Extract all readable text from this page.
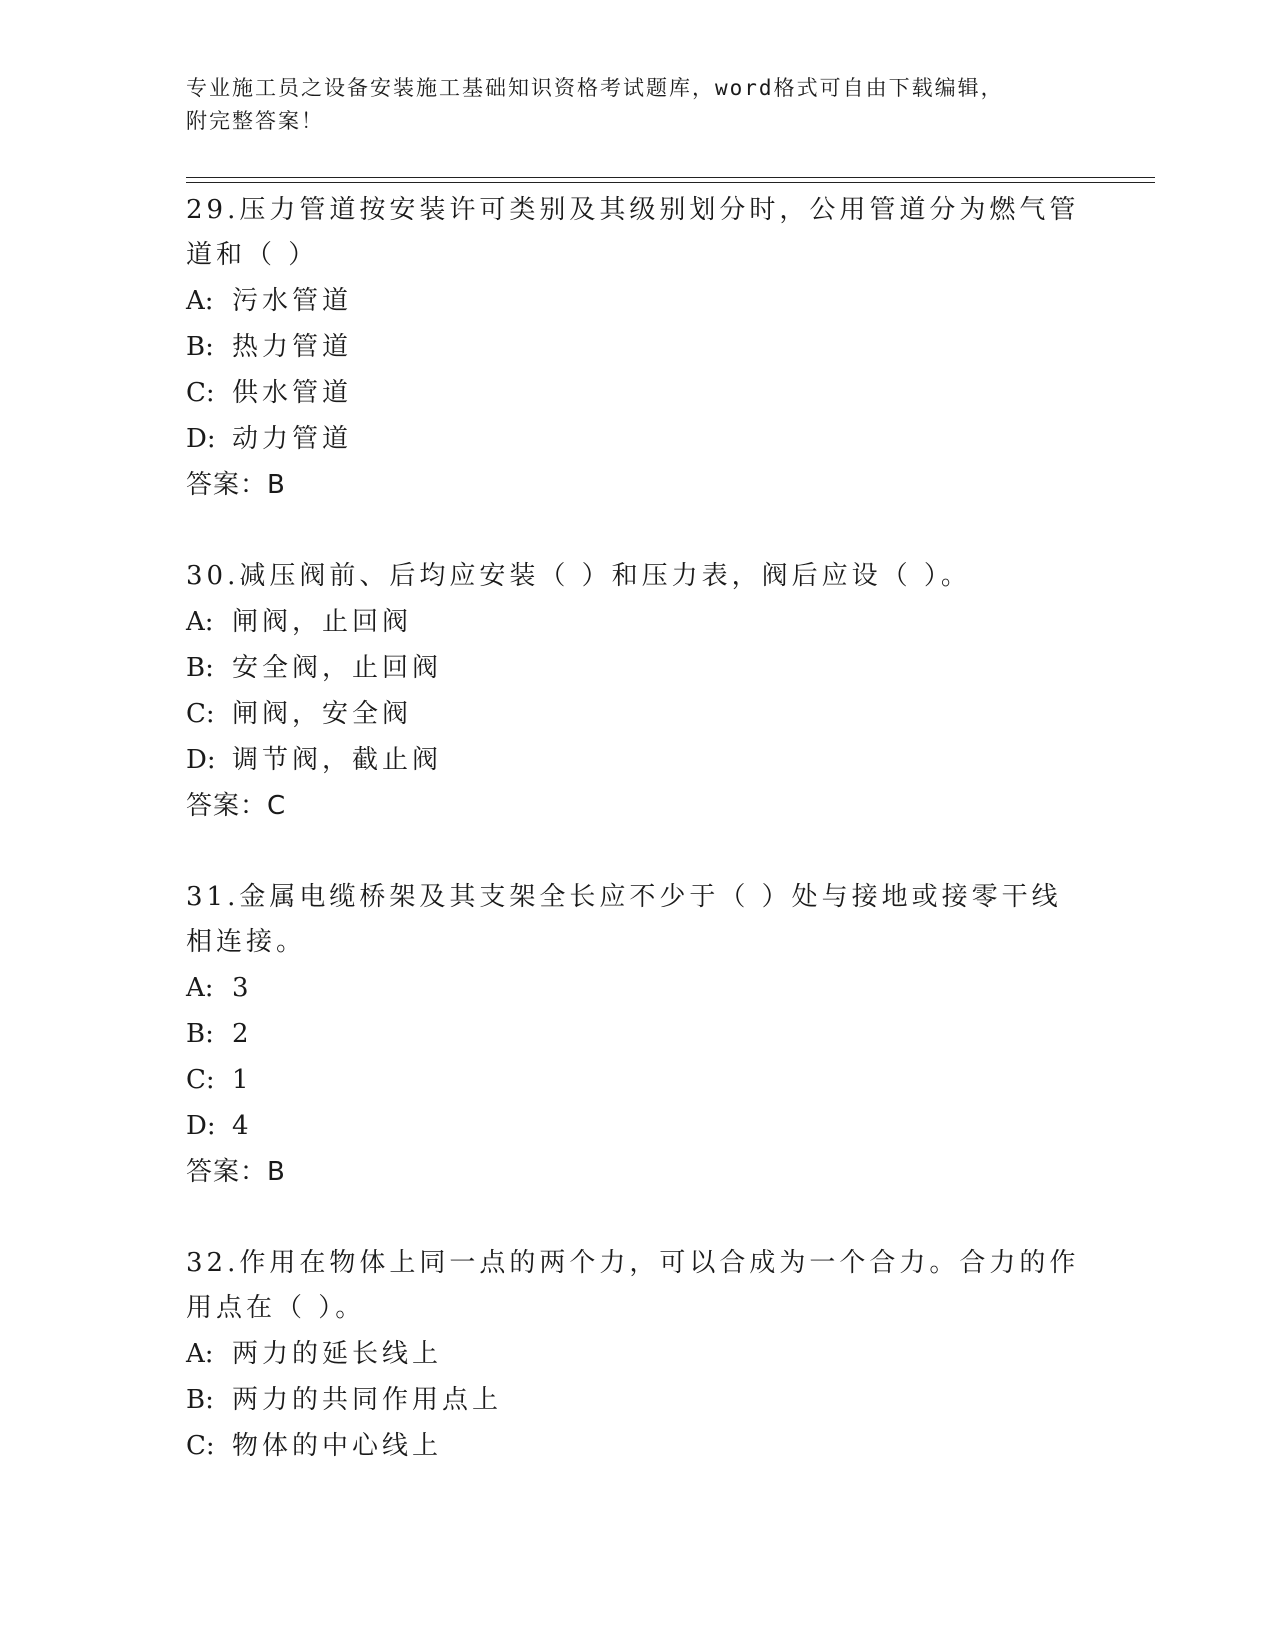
专业施工员之设备安装施工基础知识资格考试题库，word格式可自由下载编辑，
附完整答案！

29.压力管道按安装许可类别及其级别划分时，公用管道分为燃气管道和（ ）

A: 污水管道

B: 热力管道

C: 供水管道

D: 动力管道

答案：B

30.减压阀前、后均应安装（ ）和压力表，阀后应设（ ）。

A: 闸阀，止回阀

B: 安全阀，止回阀

C: 闸阀，安全阀

D: 调节阀，截止阀

答案：C

31.金属电缆桥架及其支架全长应不少于（ ）处与接地或接零干线相连接。

A: 3

B: 2

C: 1

D: 4

答案：B

32.作用在物体上同一点的两个力，可以合成为一个合力。合力的作用点在（ ）。

A: 两力的延长线上

B: 两力的共同作用点上

C: 物体的中心线上
